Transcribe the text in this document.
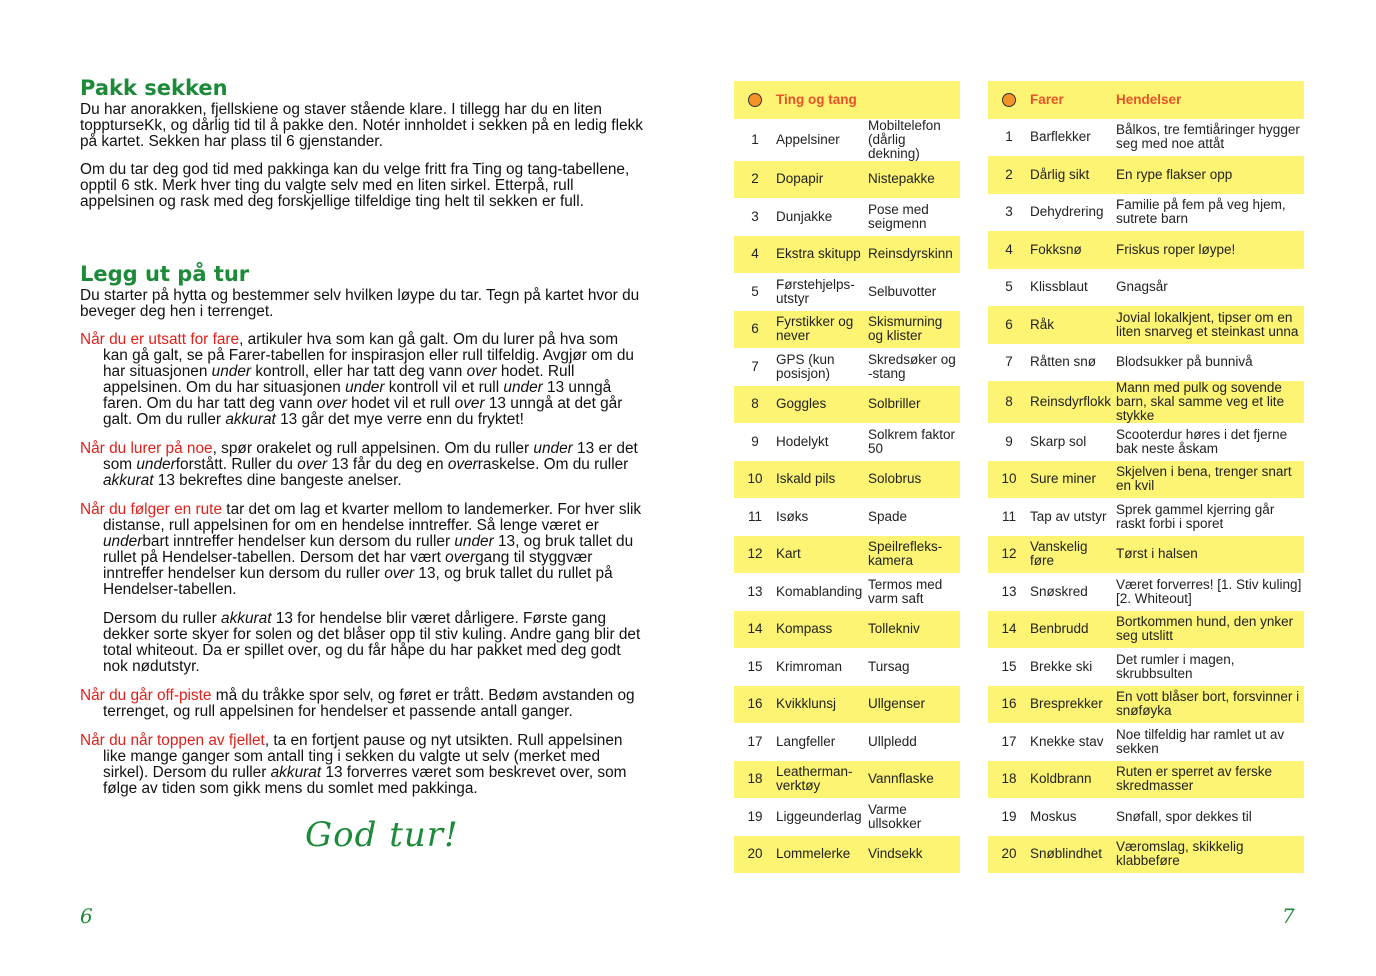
Pakk sekken

Du har anorakken, fjellskiene og staver stående klare. I tillegg har du en liten toppturseKk, og dårlig tid til å pakke den. Notér innholdet i sekken på en ledig flekk på kartet. Sekken har plass til 6 gjenstander.

Om du tar deg god tid med pakkinga kan du velge fritt fra Ting og tang-tabellene, opptil 6 stk. Merk hver ting du valgte selv med en liten sirkel. Etterpå, rull appelsinen og rask med deg forskjellige tilfeldige ting helt til sekken er full.

Legg ut på tur

Du starter på hytta og bestemmer selv hvilken løype du tar. Tegn på kartet hvor du beveger deg hen i terrenget.

Når du er utsatt for fare, artikuler hva som kan gå galt. Om du lurer på hva som kan gå galt, se på Farer-tabellen for inspirasjon eller rull tilfeldig. Avgjør om du har situasjonen under kontroll, eller har tatt deg vann over hodet. Rull appelsinen. Om du har situasjonen under kontroll vil et rull under 13 unngå faren. Om du har tatt deg vann over hodet vil et rull over 13 unngå at det går galt. Om du ruller akkurat 13 går det mye verre enn du fryktet!

Når du lurer på noe, spør orakelet og rull appelsinen. Om du ruller under 13 er det som underforstått. Ruller du over 13 får du deg en overraskelse. Om du ruller akkurat 13 bekreftes dine bangeste anelser.

Når du følger en rute tar det om lag et kvarter mellom to landemerker. For hver slik distanse, rull appelsinen for om en hendelse inntreffer. Så lenge været er underbart inntreffer hendelser kun dersom du ruller under 13, og bruk tallet du rullet på Hendelser-tabellen. Dersom det har vært overgang til styggvær inntreffer hendelser kun dersom du ruller over 13, og bruk tallet du rullet på Hendelser-tabellen.

Dersom du ruller akkurat 13 for hendelse blir været dårligere. Første gang dekker sorte skyer for solen og det blåser opp til stiv kuling. Andre gang blir det total whiteout. Da er spillet over, og du får håpe du har pakket med deg godt nok nødutstyr.

Når du går off-piste må du tråkke spor selv, og føret er trått. Bedøm avstanden og terrenget, og rull appelsinen for hendelser et passende antall ganger.

Når du når toppen av fjellet, ta en fortjent pause og nyt utsikten. Rull appelsinen like mange ganger som antall ting i sekken du valgte ut selv (merket med sirkel). Dersom du ruller akkurat 13 forverres været som beskrevet over, som følge av tiden som gikk mens du somlet med pakkinga.

God tur!
6	7
	Ting og tang	
1	Appelsiner	Mobiltelefon (dårlig dekning)
2	Dopapir	Nistepakke
3	Dunjakke	Pose med seigmenn
4	Ekstra skitupp	Reinsdyrskinn
5	Førstehjelps-utstyr	Selbuvotter
6	Fyrstikker og never	Skismurning og klister
7	GPS (kun posisjon)	Skredsøker og -stang
8	Goggles	Solbriller
9	Hodelykt	Solkrem faktor 50
10	Iskald pils	Solobrus
11	Isøks	Spade
12	Kart	Speilrefleks-kamera
13	Komablanding	Termos med varm saft
14	Kompass	Tollekniv
15	Krimroman	Tursag
16	Kvikklunsj	Ullgenser
17	Langfeller	Ullpledd
18	Leatherman-verktøy	Vannflaske
19	Liggeunderlag	Varme ullsokker
20	Lommelerke	Vindsekk
	Farer	Hendelser
1	Barflekker	Bålkos, tre femtiåringer hygger seg med noe attåt
2	Dårlig sikt	En rype flakser opp
3	Dehydrering	Familie på fem på veg hjem, sutrete barn
4	Fokksnø	Friskus roper løype!
5	Klissblaut	Gnagsår
6	Råk	Jovial lokalkjent, tipser om en liten snarveg et steinkast unna
7	Råtten snø	Blodsukker på bunnivå
8	Reinsdyrflokk	Mann med pulk og sovende barn, skal samme veg et lite stykke
9	Skarp sol	Scooterdur høres i det fjerne bak neste åskam
10	Sure miner	Skjelven i bena, trenger snart en kvil
11	Tap av utstyr	Sprek gammel kjerring går raskt forbi i sporet
12	Vanskelig føre	Tørst i halsen
13	Snøskred	Været forverres! [1. Stiv kuling] [2. Whiteout]
14	Benbrudd	Bortkommen hund, den ynker seg utslitt
15	Brekke ski	Det rumler i magen, skrubbsulten
16	Bresprekker	En vott blåser bort, forsvinner i snøføyka
17	Knekke stav	Noe tilfeldig har ramlet ut av sekken
18	Koldbrann	Ruten er sperret av ferske skredmasser
19	Moskus	Snøfall, spor dekkes til
20	Snøblindhet	Væromslag, skikkelig klabbeføre
